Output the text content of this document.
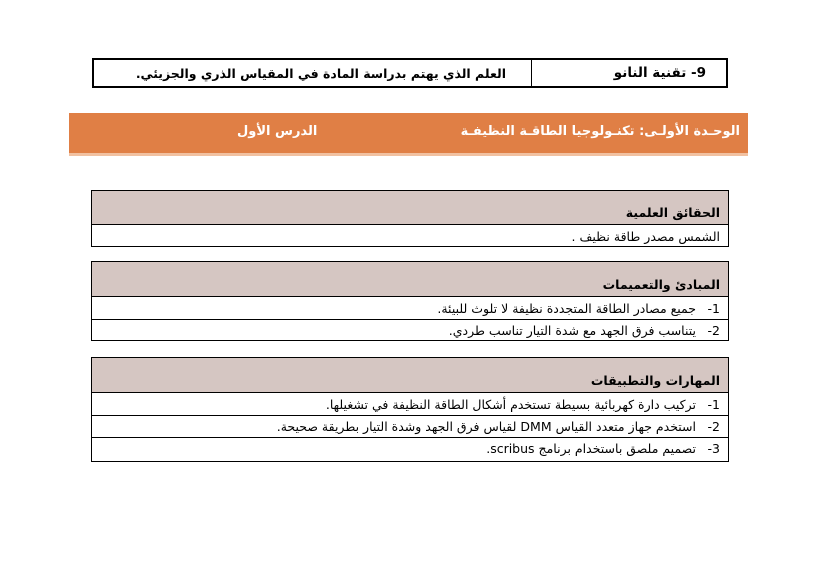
9- تقنية النانو
العلم الذي يهتم بدراسة المادة في المقياس الذري والجزيئي.
الوحـدة الأولـى: تكنـولوجيا الطاقـة النظيفـة
الدرس الأول
الحقائق العلمية
الشمس مصدر طاقة نظيف .
المبادئ والتعميمات
1-
جميع مصادر الطاقة المتجددة نظيفة لا تلوث للبيئة.
2-
يتناسب فرق الجهد مع شدة التيار تناسب طردي.
المهارات والتطبيقات
1-
تركيب دارة كهربائية بسيطة تستخدم أشكال الطاقة النظيفة في تشغيلها.
2-
استخدم جهاز متعدد القياس DMM لقياس فرق الجهد وشدة التيار بطريقة صحيحة.
3-
تصميم ملصق باستخدام برنامج scribus.
